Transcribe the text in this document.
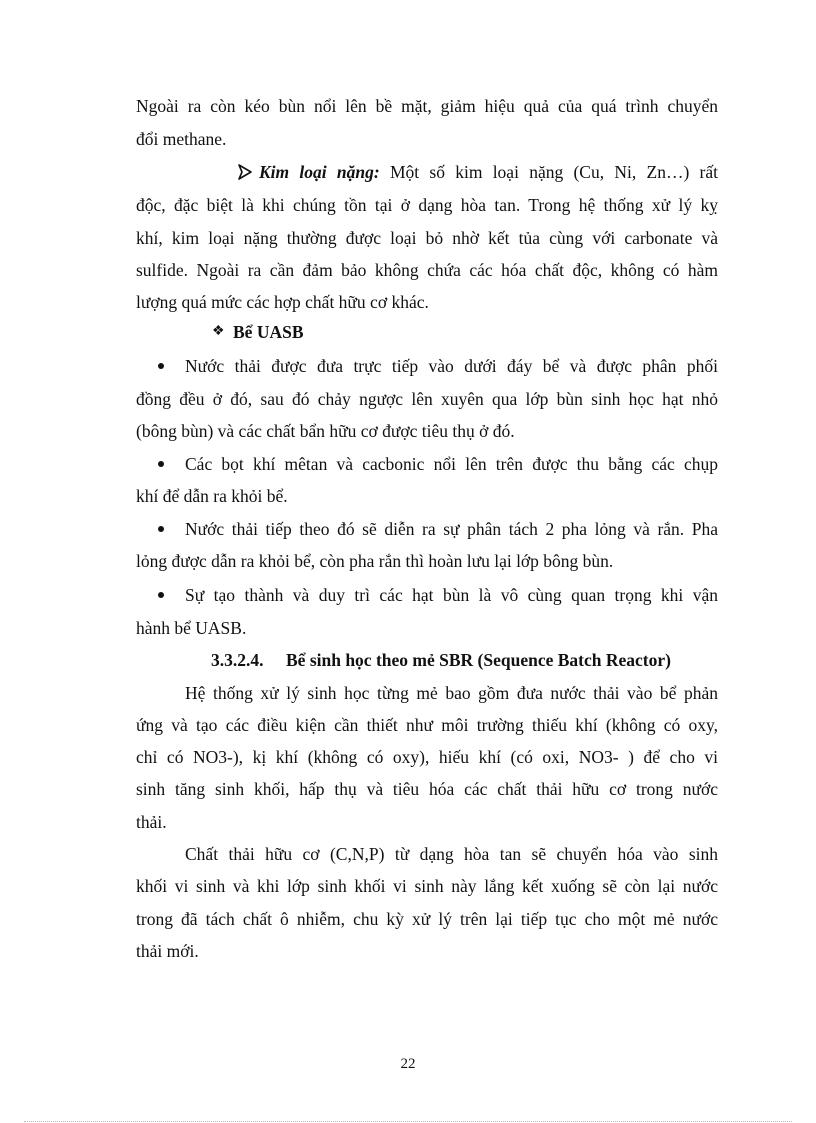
Ngoài ra còn kéo bùn nổi lên bề mặt, giảm hiệu quả của quá trình chuyển
đổi methane.
Kim loại nặng: Một số kim loại nặng (Cu, Ni, Zn…) rất
độc, đặc biệt là khi chúng tồn tại ở dạng hòa tan. Trong hệ thống xử lý kỵ
khí, kim loại nặng thường được loại bỏ nhờ kết tủa cùng với carbonate và
sulfide. Ngoài ra cần đảm bảo không chứa các hóa chất độc, không có hàm
lượng quá mức các hợp chất hữu cơ khác.
❖ Bể UASB
Nước thải được đưa trực tiếp vào dưới đáy bể và được phân phối
đồng đều ở đó, sau đó chảy ngược lên xuyên qua lớp bùn sinh học hạt nhỏ
(bông bùn) và các chất bẩn hữu cơ được tiêu thụ ở đó.
Các bọt khí mêtan và cacbonic nổi lên trên được thu bằng các chụp
khí để dẫn ra khỏi bể.
Nước thải tiếp theo đó sẽ diễn ra sự phân tách 2 pha lỏng và rắn. Pha
lỏng được dẫn ra khỏi bể, còn pha rắn thì hoàn lưu lại lớp bông bùn.
Sự tạo thành và duy trì các hạt bùn là vô cùng quan trọng khi vận
hành bể UASB.
3.3.2.4. Bể sinh học theo mẻ SBR (Sequence Batch Reactor)
Hệ thống xử lý sinh học từng mẻ bao gồm đưa nước thải vào bể phản
ứng và tạo các điều kiện cần thiết như môi trường thiếu khí (không có oxy,
chỉ có NO3-), kị khí (không có oxy), hiếu khí (có oxi, NO3- ) để cho vi
sinh tăng sinh khối, hấp thụ và tiêu hóa các chất thải hữu cơ trong nước
thải.
Chất thải hữu cơ (C,N,P) từ dạng hòa tan sẽ chuyển hóa vào sinh
khối vi sinh và khi lớp sinh khối vi sinh này lắng kết xuống sẽ còn lại nước
trong đã tách chất ô nhiễm, chu kỳ xử lý trên lại tiếp tục cho một mẻ nước
thải mới.
22
